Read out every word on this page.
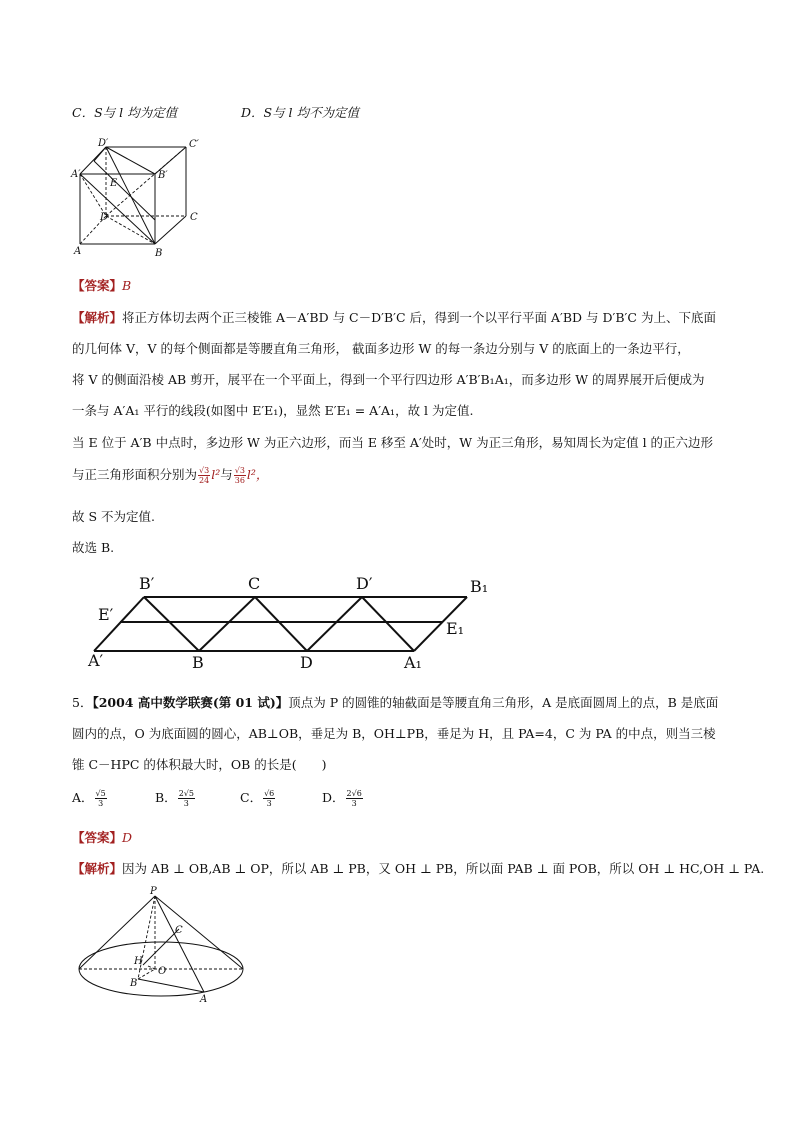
C．S与 l 均为定值	D．S与 l 均不为定值
D′	C′
A′	B′
E
D	C
A	B
【答案】B
【解析】将正方体切去两个正三棱锥 A－A′BD 与 C－D′B′C 后，得到一个以平行平面 A′BD 与 D′B′C 为上、下底面
的几何体 V，V 的每个侧面都是等腰直角三角形， 截面多边形 W 的每一条边分别与 V 的底面上的一条边平行，
将 V 的侧面沿棱 AB 剪开，展平在一个平面上，得到一个平行四边形 A′B′B₁A₁，而多边形 W 的周界展开后便成为
一条与 A′A₁ 平行的线段(如图中 E′E₁)，显然 E′E₁ = A′A₁，故 l 为定值.
当 E 位于 A′B 中点时，多边形 W 为正六边形，而当 E 移至 A′处时，W 为正三角形，易知周长为定值 l 的正六边形
与正三角形面积分别为 $\frac{√3}{24} l^2$与 $\frac{√3}{36} l^2$，
故 S 不为定值.
故选 B.
B′	C	D′	B₁
E′
E₁
A′	B	D	A₁
5．【2004 高中数学联赛(第 01 试)】顶点为 P 的圆锥的轴截面是等腰直角三角形，A 是底面圆周上的点，B 是底面
圆内的点，O 为底面圆的圆心，AB⊥OB，垂足为 B，OH⊥PB，垂足为 H，且 PA=4，C 为 PA 的中点，则当三棱
锥 C－HPC 的体积最大时，OB 的长是(　　)
A． $\frac{√5}{3}$	B． $\frac{2√5}{3}$	C． $\frac{√6}{3}$	D． $\frac{2√6}{3}$
【答案】D
【解析】因为 AB ⊥ OB,AB ⊥ OP，所以 AB ⊥ PB，又 OH ⊥ PB，所以面 PAB ⊥ 面 POB，所以 OH ⊥ HC,OH ⊥ PA.
P
C
H
O
B
A
